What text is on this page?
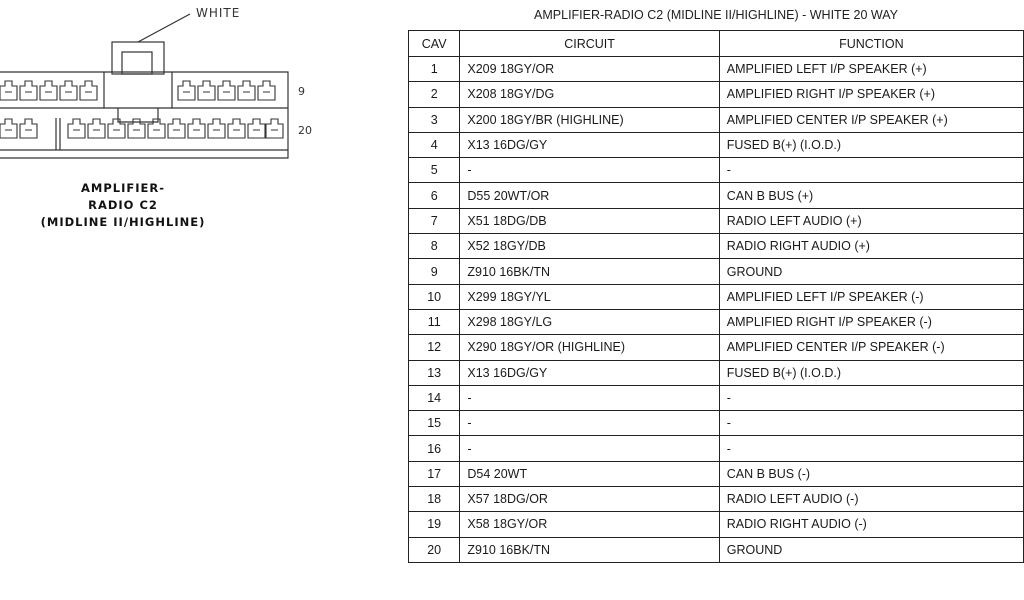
WHITE
9
20
AMPLIFIER-
RADIO C2
(MIDLINE II/HIGHLINE)
AMPLIFIER-RADIO C2 (MIDLINE II/HIGHLINE) - WHITE 20 WAY
CAV	CIRCUIT	FUNCTION
1	X209 18GY/OR	AMPLIFIED LEFT I/P SPEAKER (+)
2	X208 18GY/DG	AMPLIFIED RIGHT I/P SPEAKER (+)
3	X200 18GY/BR (HIGHLINE)	AMPLIFIED CENTER I/P SPEAKER (+)
4	X13 16DG/GY	FUSED B(+) (I.O.D.)
5	-	-
6	D55 20WT/OR	CAN B BUS (+)
7	X51 18DG/DB	RADIO LEFT AUDIO (+)
8	X52 18GY/DB	RADIO RIGHT AUDIO (+)
9	Z910 16BK/TN	GROUND
10	X299 18GY/YL	AMPLIFIED LEFT I/P SPEAKER (-)
11	X298 18GY/LG	AMPLIFIED RIGHT I/P SPEAKER (-)
12	X290 18GY/OR (HIGHLINE)	AMPLIFIED CENTER I/P SPEAKER (-)
13	X13 16DG/GY	FUSED B(+) (I.O.D.)
14	-	-
15	-	-
16	-	-
17	D54 20WT	CAN B BUS (-)
18	X57 18DG/OR	RADIO LEFT AUDIO (-)
19	X58 18GY/OR	RADIO RIGHT AUDIO (-)
20	Z910 16BK/TN	GROUND
